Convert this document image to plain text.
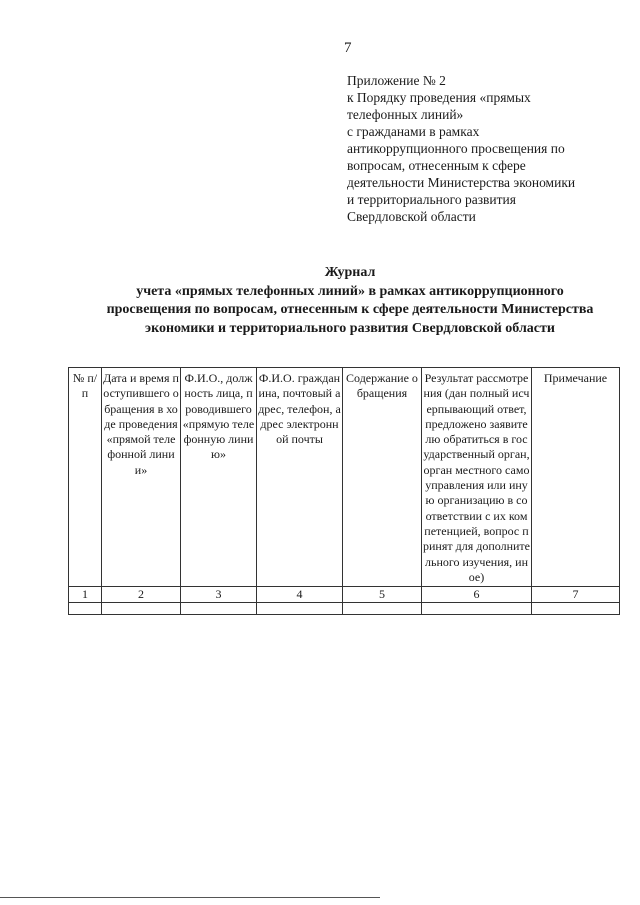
7
Приложение № 2
к Порядку проведения «прямых
телефонных линий»
с гражданами в рамках
антикоррупционного просвещения по
вопросам, отнесенным к сфере
деятельности Министерства экономики
и территориального развития
Свердловской области
Журнал
учета «прямых телефонных линий» в рамках антикоррупционного
просвещения по вопросам, отнесенным к сфере деятельности Министерства
экономики и территориального развития Свердловской области
№ п/п	Дата и время поступившего обращения в ходе проведения «прямой телефонной линии»	Ф.И.О., должность лица, проводившего «прямую телефонную линию»	Ф.И.О. гражданина, почтовый адрес, телефон, адрес электронной почты	Содержание обращения	Результат рассмотрения (дан полный исчерпывающий ответ, предложено заявителю обратиться в государственный орган, орган местного самоуправления или иную организацию в соответствии с их компетенцией, вопрос принят для дополнительного изучения, иное)	Примечание
1	2	3	4	5	6	7
